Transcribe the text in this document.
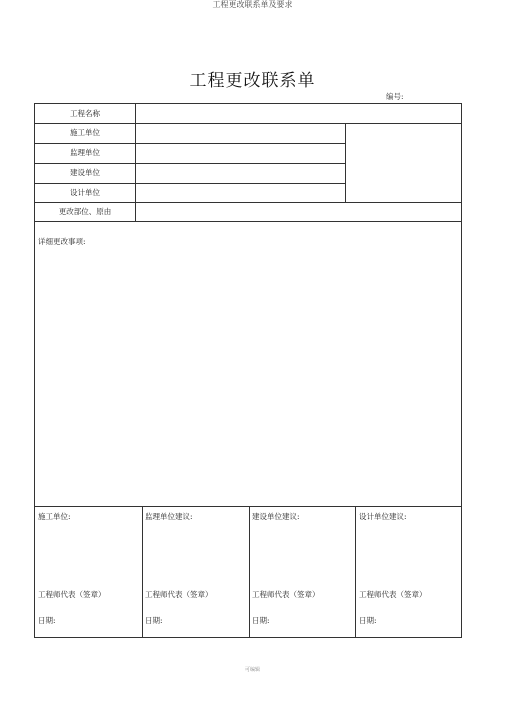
工程更改联系单及要求
工程更改联系单
编号:
工程名称
施工单位
监理单位
建设单位
设计单位
更改部位、原由
详细更改事项:
施工单位:
工程师代表（签章）
日期:
监理单位建议:
工程师代表（签章）
日期:
建设单位建议:
工程师代表（签章）
日期:
设计单位建议:
工程师代表（签章）
日期:
可编辑
